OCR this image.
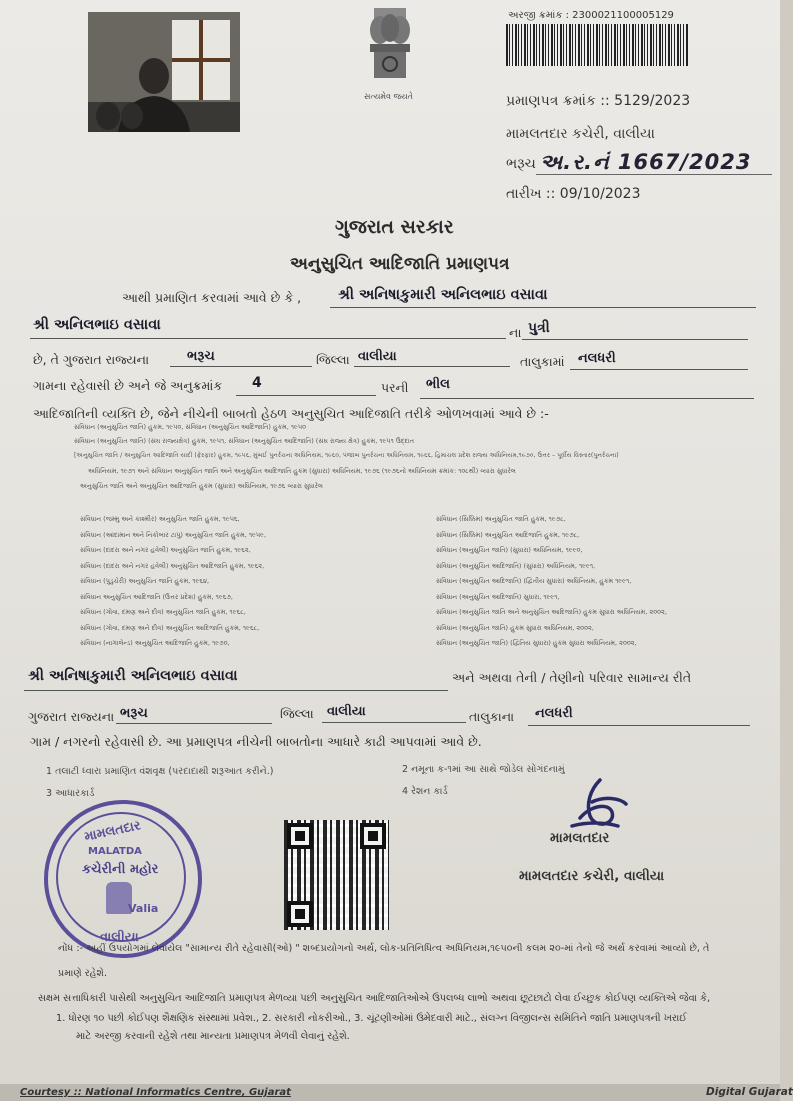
સત્યમેવ જયતે
અરજી ક્રમાંક : 2300021100005129
પ્રમાણપત્ર ક્રમાંક :: 5129/2023
મામલતદાર કચેરી, વાલીયા
ભરૂચ અ.ર.નં 1667/2023
તારીખ :: 09/10/2023
ગુજરાત સરકાર
અનુસુચિત આદિજાતિ પ્રમાણપત્ર
આથી પ્રમાણિત કરવામાં આવે છે કે ,	શ્રી અનિષાકુમારી અનિલભાઇ વસાવા
શ્રી અનિલભાઇ વસાવા	ના પુત્રી
છે, તે ગુજરાત રાજ્યના	ભરૂચ	જિલ્લા વાલીયા	તાલુકામાં નલધરી
ગામના રહેવાસી છે અને જે અનુક્રમાંક 4	પરની ભીલ
આદિજાતિની વ્યક્તિ છે, જેને નીચેની બાબતો હેઠળ અનુસુચિત આદિજાતિ તરીકે ઓળખવામાં આવે છે :-
સંવિધાન (અનુસુચિત જાતિ) હુકમ, ૧૯૫૦, સંવિધાન (અનુસુચિત આદિજાતિ) હુકમ, ૧૯૫૦
સંવિધાન (અનુસુચિત જાતિ) (સંઘ રાજ્યક્ષેત્ર) હુકમ, ૧૯૫૧, સંવિધાન (અનુસુચિત આદિજાતિ) (સંઘ રાજ્ય ક્ષેત્ર) હુકમ, ૧૯૫૧ ઉદ્દાત
[અનુસુચિત જાતિ / અનુસુચિત આદિજાતિ યાદી (ફેરફાર) હુકમ, ૧૯૫૬, મુંબઈ પુનર્રચના અધિનિયમ, ૧૯૬૦, પંજાબ પુનર્રચના અધિનિયમ, ૧૯૬૬, હિમાચલ પ્રદેશ રાજ્ય અધિનિયમ,૧૯૭૦, ઉત્તર – પૂર્વીય વિસ્તાર(પુનર્રચના)
અધિનિયમ, ૧૯૭૧ અને સંવિધાન અનુસુચિત જાતિ અને અનુસુચિત આદિજાતિ હુકમ (સુધારા) અધિનિયમ, ૧૯૭૬ (૧૯૭૬નો અધિનિયમ ક્રમાંક: ૧૦૮થી) વ્યારા સુધારેલ
અનુસુચિત જાતિ અને અનુસુચિત આદિજાતિ હુકમ (સુધારા) અધિનિયમ, ૧૯૭૬ વ્યારા સુધારેલ
સંવિધાન (જમ્મુ અને કાશ્મીર) અનુસુચિત જાતિ હુકમ, ૧૯૫૬,
સંવિધાન (આંદામાન અને નિકોબાર ટાપુ) અનુસુચિત જાતિ હુકમ, ૧૯૫૯,
સંવિધાન (દાદરા અને નગર હવેલી) અનુસુચિત જાતિ હુકમ, ૧૯૬૨,
સંવિધાન (દાદરા અને નગર હવેલી) અનુસુચિત આદિજાતિ હુકમ, ૧૯૬૨,
સંવિધાન (પુડુચેરી) અનુસુચિત જાતિ હુકમ, ૧૯૬૪,
સંવિધાન અનુસુચિત આદિજાતિ (ઉત્તર પ્રદેશ) હુકમ, ૧૯૬૭,
સંવિધાન (ગોવા, દમણ અને દીવ) અનુસુચિત જાતિ હુકમ, ૧૯૬૮,
સંવિધાન (ગોવા, દમણ અને દીવ) અનુસુચિત આદિજાતિ હુકમ, ૧૯૬૮,
સંવિધાન (નાગાલેન્ડ) અનુસુચિત આદિજાતિ હુકમ, ૧૯૭૦,
સંવિધાન (સિક્કિમ) અનુસુચિત જાતિ હુકમ, ૧૯૭૮,
સંવિધાન (સિક્કિમ) અનુસુચિત આદિજાતિ હુકમ, ૧૯૭૮,
સંવિધાન (અનુસુચિત જાતિ) (સુધારા) અધિનિયમ, ૧૯૯૦,
સંવિધાન (અનુસુચિત આદિજાતિ) (સુધારા) અધિનિયમ, ૧૯૯૧,
સંવિધાન (અનુસુચિત આદિજાતિ) (દ્વિતીય સુધારા) અધિનિયમ, હુકમ ૧૯૯૧,
સંવિધાન (અનુસુચિત આદિજાતિ) સુધારા, ૧૯૯૧,
સંવિધાન (અનુસુચિત જાતિ અને અનુસુચિત આદિજાતિ) હુકમ સુધારા અધિનિયમ, ૨૦૦૨,
સંવિધાન (અનુસુચિત જાતિ) હુકમ સુધારા અધિનિયમ, ૨૦૦૨,
સંવિધાન (અનુસુચિત જાતિ) (દ્વિતિય સુધારા) હુકમ સુધારા અધિનિયમ, ૨૦૦૨,
શ્રી અનિષાકુમારી અનિલભાઇ વસાવા	અને અથવા તેની / તેણીનો પરિવાર સામાન્ય રીતે
ગુજરાત રાજ્યના ભરૂચ	જિલ્લા વાલીયા	તાલુકાના નલધરી
ગામ / નગરનો રહેવાસી છે. આ પ્રમાણપત્ર નીચેની બાબતોના આધારે કાઢી આપવામાં આવે છે.
1 તલાટી ધ્વારા પ્રમાણિત વંશવૃક્ષ (પરદાદાથી શરૂઆત કરીને.)	2 નમૂના ક-૧માં આ સાથે જોડેલ સોગંદનામું
3 આધારકાર્ડ	4 રેશન કાર્ડ
મામલતદાર
MALATDA
કચેરીની મહોર
Valia
વાલીયા
મામલતદાર
મામલતદાર કચેરી, વાલીયા
નોંધ :- અહીં ઉપયોગમાં લેવાયેલ "સામાન્ય રીતે રહેવાસી(ઓ) " શબ્દપ્રયોગનો અર્થ, લોક-પ્રતિનિધિત્વ અધિનિયમ,૧૯૫૦ની કલમ ૨૦-માં તેનો જે અર્થ કરવામાં આવ્યો છે, તે
પ્રમાણે રહેશે.
સક્ષમ સત્તાધિકારી પાસેથી અનુસુચિત આદિજાતિ પ્રમાણપત્ર મેળવ્યા પછી અનુસુચિત આદિજાતિઓએ ઉપલબ્ધ લાભો અથવા છૂટછાટો લેવા ઈચ્છુક કોઈપણ વ્યક્તિએ જેવા કે,
1. ધોરણ ૧૦ પછી કોઈપણ શૈક્ષણિક સંસ્થામાં પ્રવેશ., 2. સરકારી નોકરીઓ., 3. ચૂંટણીઓમાં ઉમેદવારી માટે., સંલગ્ન વિજીલન્સ સમિતિને જાતિ પ્રમાણપત્રની ખરાઈ
માટે અરજી કરવાની રહેશે તથા માન્યતા પ્રમાણપત્ર મેળવી લેવાનું રહેશે.
Courtesy :: National Informatics Centre, Gujarat	Digital Gujarat
